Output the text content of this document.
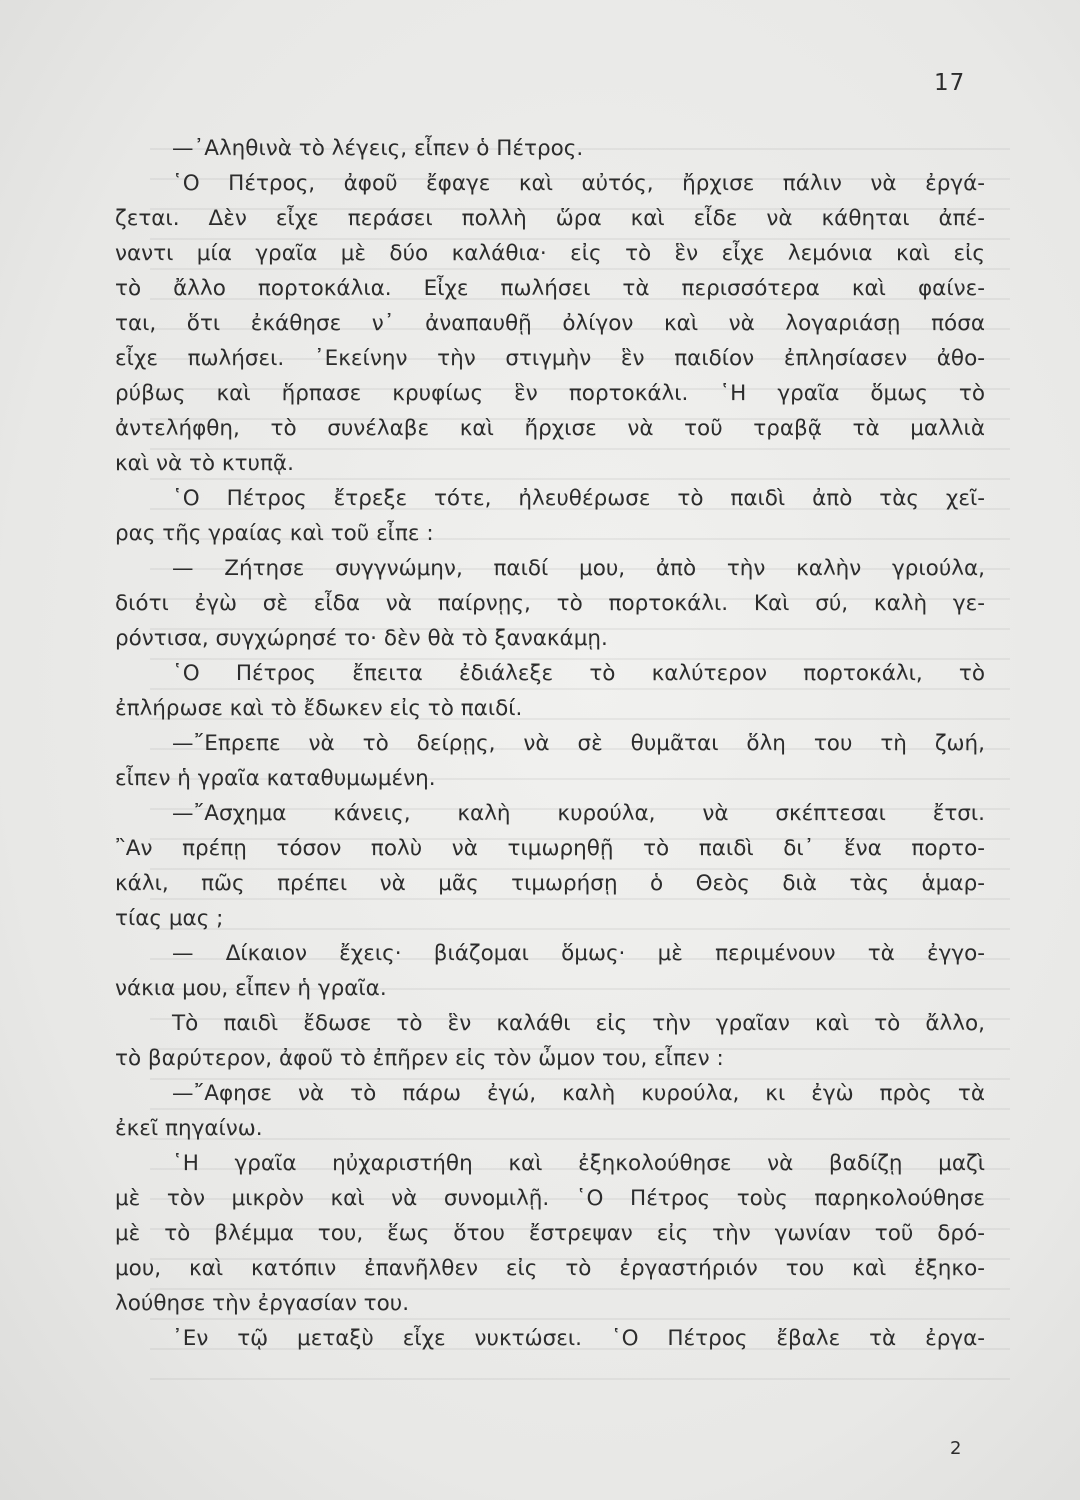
17
—᾿Αληθινὰ τὸ λέγεις, εἶπεν ὁ Πέτρος.
῾Ο Πέτρος, ἀφοῦ ἔφαγε καὶ αὐτός, ἤρχισε πάλιν νὰ ἐργά-
ζεται. Δὲν εἶχε περάσει πολλὴ ὥρα καὶ εἶδε νὰ κάθηται ἀπέ-
ναντι μία γραῖα μὲ δύο καλάθια· εἰς τὸ ἓν εἶχε λεμόνια καὶ εἰς
τὸ ἄλλο πορτοκάλια. Εἶχε πωλήσει τὰ περισσότερα καὶ φαίνε-
ται, ὅτι ἐκάθησε ν᾿ ἀναπαυθῇ ὀλίγον καὶ νὰ λογαριάσῃ πόσα
εἶχε πωλήσει. ᾿Εκείνην τὴν στιγμὴν ἓν παιδίον ἐπλησίασεν ἀθο-
ρύβως καὶ ἥρπασε κρυφίως ἓν πορτοκάλι. ῾Η γραῖα ὅμως τὸ
ἀντελήφθη, τὸ συνέλαβε καὶ ἤρχισε νὰ τοῦ τραβᾷ τὰ μαλλιὰ
καὶ νὰ τὸ κτυπᾷ.
῾Ο Πέτρος ἔτρεξε τότε, ἠλευθέρωσε τὸ παιδὶ ἀπὸ τὰς χεῖ-
ρας τῆς γραίας καὶ τοῦ εἶπε :
— Ζήτησε συγγνώμην, παιδί μου, ἀπὸ τὴν καλὴν γριούλα,
διότι ἐγὼ σὲ εἶδα νὰ παίρνῃς, τὸ πορτοκάλι. Καὶ σύ, καλὴ γε-
ρόντισα, συγχώρησέ το· δὲν θὰ τὸ ξανακάμῃ.
῾Ο Πέτρος ἔπειτα ἐδιάλεξε τὸ καλύτερον πορτοκάλι, τὸ
ἐπλήρωσε καὶ τὸ ἔδωκεν εἰς τὸ παιδί.
—῎Επρεπε νὰ τὸ δείρῃς, νὰ σὲ θυμᾶται ὅλη του τὴ ζωή,
εἶπεν ἡ γραῖα καταθυμωμένη.
—῎Ασχημα κάνεις, καλὴ κυρούλα, νὰ σκέπτεσαι ἔτσι.
῍Αν πρέπῃ τόσον πολὺ νὰ τιμωρηθῇ τὸ παιδὶ δι᾿ ἕνα πορτο-
κάλι, πῶς πρέπει νὰ μᾶς τιμωρήσῃ ὁ Θεὸς διὰ τὰς ἁμαρ-
τίας μας ;
— Δίκαιον ἔχεις· βιάζομαι ὅμως· μὲ περιμένουν τὰ ἐγγο-
νάκια μου, εἶπεν ἡ γραῖα.
Τὸ παιδὶ ἔδωσε τὸ ἓν καλάθι εἰς τὴν γραῖαν καὶ τὸ ἄλλο,
τὸ βαρύτερον, ἀφοῦ τὸ ἐπῆρεν εἰς τὸν ὦμον του, εἶπεν :
—῎Αφησε νὰ τὸ πάρω ἐγώ, καλὴ κυρούλα, κι ἐγὼ πρὸς τὰ
ἐκεῖ πηγαίνω.
῾Η γραῖα ηὐχαριστήθη καὶ ἐξηκολούθησε νὰ βαδίζῃ μαζὶ
μὲ τὸν μικρὸν καὶ νὰ συνομιλῇ. ῾Ο Πέτρος τοὺς παρηκολούθησε
μὲ τὸ βλέμμα του, ἕως ὅτου ἔστρεψαν εἰς τὴν γωνίαν τοῦ δρό-
μου, καὶ κατόπιν ἐπανῆλθεν εἰς τὸ ἐργαστήριόν του καὶ ἐξηκο-
λούθησε τὴν ἐργασίαν του.
᾿Εν τῷ μεταξὺ εἶχε νυκτώσει. ῾Ο Πέτρος ἔβαλε τὰ ἐργα-
2
